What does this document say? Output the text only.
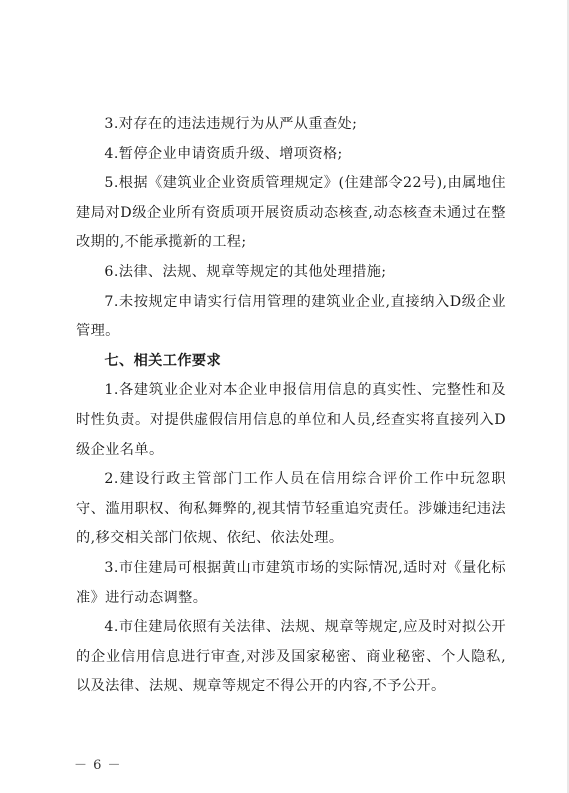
3.对存在的违法违规行为从严从重查处;

4.暂停企业申请资质升级、增项资格;

5.根据《建筑业企业资质管理规定》(住建部令22号),由属地住建局对D级企业所有资质项开展资质动态核查,动态核查未通过在整改期的,不能承揽新的工程;

6.法律、法规、规章等规定的其他处理措施;

7.未按规定申请实行信用管理的建筑业企业,直接纳入D级企业管理。

七、相关工作要求

1.各建筑业企业对本企业申报信用信息的真实性、完整性和及时性负责。对提供虚假信用信息的单位和人员,经查实将直接列入D级企业名单。

2.建设行政主管部门工作人员在信用综合评价工作中玩忽职守、滥用职权、徇私舞弊的,视其情节轻重追究责任。涉嫌违纪违法的,移交相关部门依规、依纪、依法处理。

3.市住建局可根据黄山市建筑市场的实际情况,适时对《量化标准》进行动态调整。

4.市住建局依照有关法律、法规、规章等规定,应及时对拟公开的企业信用信息进行审查,对涉及国家秘密、商业秘密、个人隐私,以及法律、法规、规章等规定不得公开的内容,不予公开。

－ 6 －
